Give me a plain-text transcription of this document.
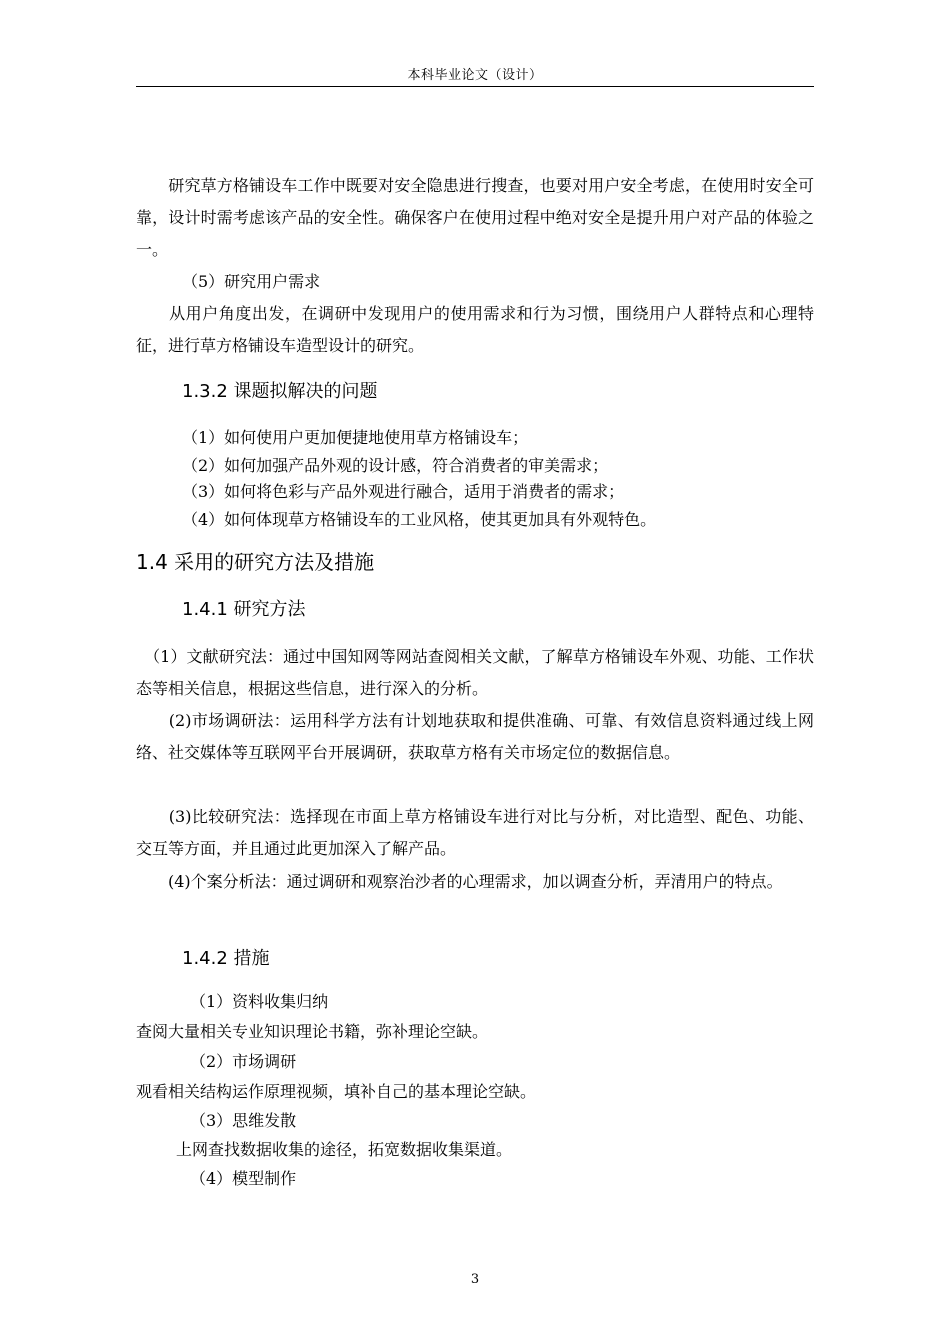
本科毕业论文（设计）
　　研究草方格铺设车工作中既要对安全隐患进行搜查，也要对用户安全考虑，在使用时安全可靠，设计时需考虑该产品的安全性。确保客户在使用过程中绝对安全是提升用户对产品的体验之一。
（5）研究用户需求
　　从用户角度出发，在调研中发现用户的使用需求和行为习惯，围绕用户人群特点和心理特征，进行草方格铺设车造型设计的研究。
1.3.2 课题拟解决的问题
（1）如何使用户更加便捷地使用草方格铺设车；
（2）如何加强产品外观的设计感，符合消费者的审美需求；
（3）如何将色彩与产品外观进行融合，适用于消费者的需求；
（4）如何体现草方格铺设车的工业风格，使其更加具有外观特色。
1.4 采用的研究方法及措施
1.4.1 研究方法
　（1）文献研究法：通过中国知网等网站查阅相关文献，了解草方格铺设车外观、功能、工作状态等相关信息，根据这些信息，进行深入的分析。
　　(2)市场调研法：运用科学方法有计划地获取和提供准确、可靠、有效信息资料通过线上网络、社交媒体等互联网平台开展调研，获取草方格有关市场定位的数据信息。
　　(3)比较研究法：选择现在市面上草方格铺设车进行对比与分析，对比造型、配色、功能、交互等方面，并且通过此更加深入了解产品。
　　(4)个案分析法：通过调研和观察治沙者的心理需求，加以调查分析，弄清用户的特点。
1.4.2 措施
（1）资料收集归纳
查阅大量相关专业知识理论书籍，弥补理论空缺。
（2）市场调研
观看相关结构运作原理视频，填补自己的基本理论空缺。
（3）思维发散
上网查找数据收集的途径，拓宽数据收集渠道。
（4）模型制作
3
